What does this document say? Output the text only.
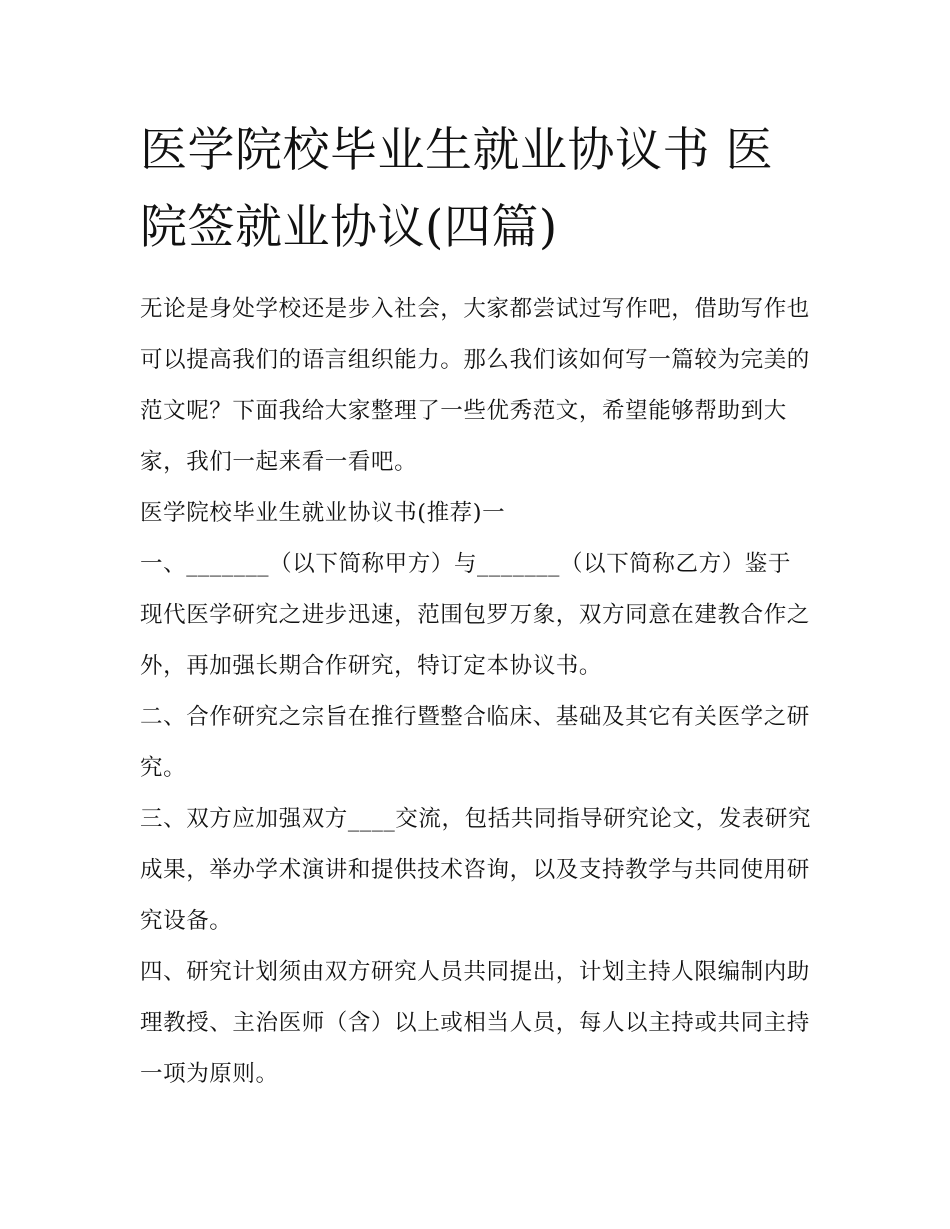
医学院校毕业生就业协议书 医院签就业协议(四篇)

无论是身处学校还是步入社会，大家都尝试过写作吧，借助写作也可以提高我们的语言组织能力。那么我们该如何写一篇较为完美的范文呢？下面我给大家整理了一些优秀范文，希望能够帮助到大家，我们一起来看一看吧。

医学院校毕业生就业协议书(推荐)一

一、_______（以下简称甲方）与_______（以下简称乙方）鉴于现代医学研究之进步迅速，范围包罗万象，双方同意在建教合作之外，再加强长期合作研究，特订定本协议书。

二、合作研究之宗旨在推行暨整合临床、基础及其它有关医学之研究。

三、双方应加强双方____交流，包括共同指导研究论文，发表研究成果，举办学术演讲和提供技术咨询，以及支持教学与共同使用研究设备。

四、研究计划须由双方研究人员共同提出，计划主持人限编制内助理教授、主治医师（含）以上或相当人员，每人以主持或共同主持一项为原则。
